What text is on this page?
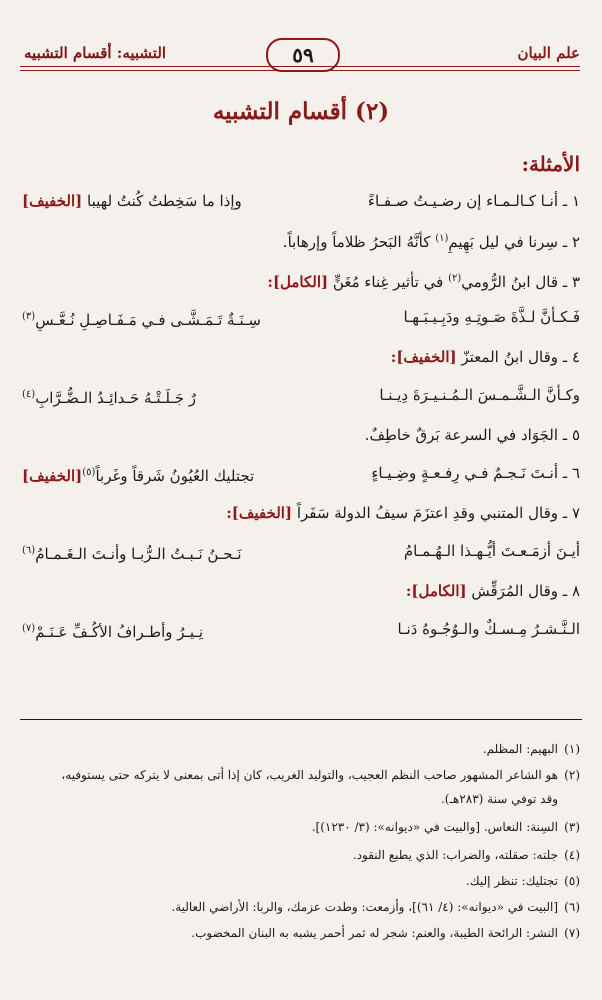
علم البيان
٥٩
التشبيه: أقسام التشبيه
(٢) أقسام التشبيه
الأمثلة:
١ ـ أنـا كـالـمـاء إن رضـيـتُ صـفـاءً
وإذا ما سَخِطتُ كُنتُ لهيبا [الخفيف]
٢ ـ سِرنا في ليل بَهِيمٍ$^{(١)}$ كأنَّهُ البَحرُ ظلاماً وإرهاباً.
٣ ـ قال ابنُ الرُّومي$^{(٢)}$ في تأثير غِناء مُغَنٍّ [الكامل]:
فَـكـأنَّ لـذَّةَ صَـوتِـهِ ودَبِـيـبَـهـا
سِـنَـةٌ تَـمَـشَّـى فـي مَـفَـاصِـلِ نُـعَّـسِ$^{(٣)}$
٤ ـ وقال ابنُ المعتزّ [الخفيف]:
وكـأنَّ الـشَّـمـسَ الـمُـنـيـرَةَ دِيـنـا
رٌ جَـلَـتْـهُ حَـدائِـدُ الـضُّـرَّابِ$^{(٤)}$
٥ ـ الجَوَاد في السرعة بَرقٌ خاطِفٌ.
٦ ـ أنـتَ نَـجـمٌ فـي رِفـعـةٍ وضِـيـاءٍ
تجتليك العُيُونُ شَرقاً وغَرباً$^{(٥)}$[الخفيف]
٧ ـ وقال المتنبي وقدِ اعتزَمَ سيفُ الدولة سَفَراً [الخفيف]:
أيـنَ أزمَـعـتَ أيُّـهـذا الـهُـمـامُ
نَـحـنُ نَـبـتُ الـرُّبـا وأنـتَ الـغَـمـامُ$^{(٦)}$
٨ ـ وقال المُرَقِّش [الكامل]:
الـنَّـشـرُ مِـسـكٌ والـوُجُـوهُ دَنـا
نِـيـرُ وأطـرافُ الأكُـفِّ عَـنَـمْ$^{(٧)}$
(١)البهيم: المظلم.
(٢)هو الشاعر المشهور صاحب النظم العجيب، والتوليد الغريب، كان إذا أتى بمعنى لا يتركه حتى يستوفيه،
وقد توفي سنة (٢٨٣هـ).
(٣)السِنة: النعاس. [والبيت في «ديوانه»: (٣/ ١٢٣٠)].
(٤)جلته: صقلته، والضراب: الذي يطبع النقود.
(٥)تجتليك: تنظر إليك.
(٦)[البيت في «ديوانه»: (٤/ ٦١)]، وأزمعت: وطدت عزمك، والربا: الأراضي العالية.
(٧)النشر: الرائحة الطيبة، والعنم: شجر له ثمر أحمر يشبه به البنان المخضوب.
